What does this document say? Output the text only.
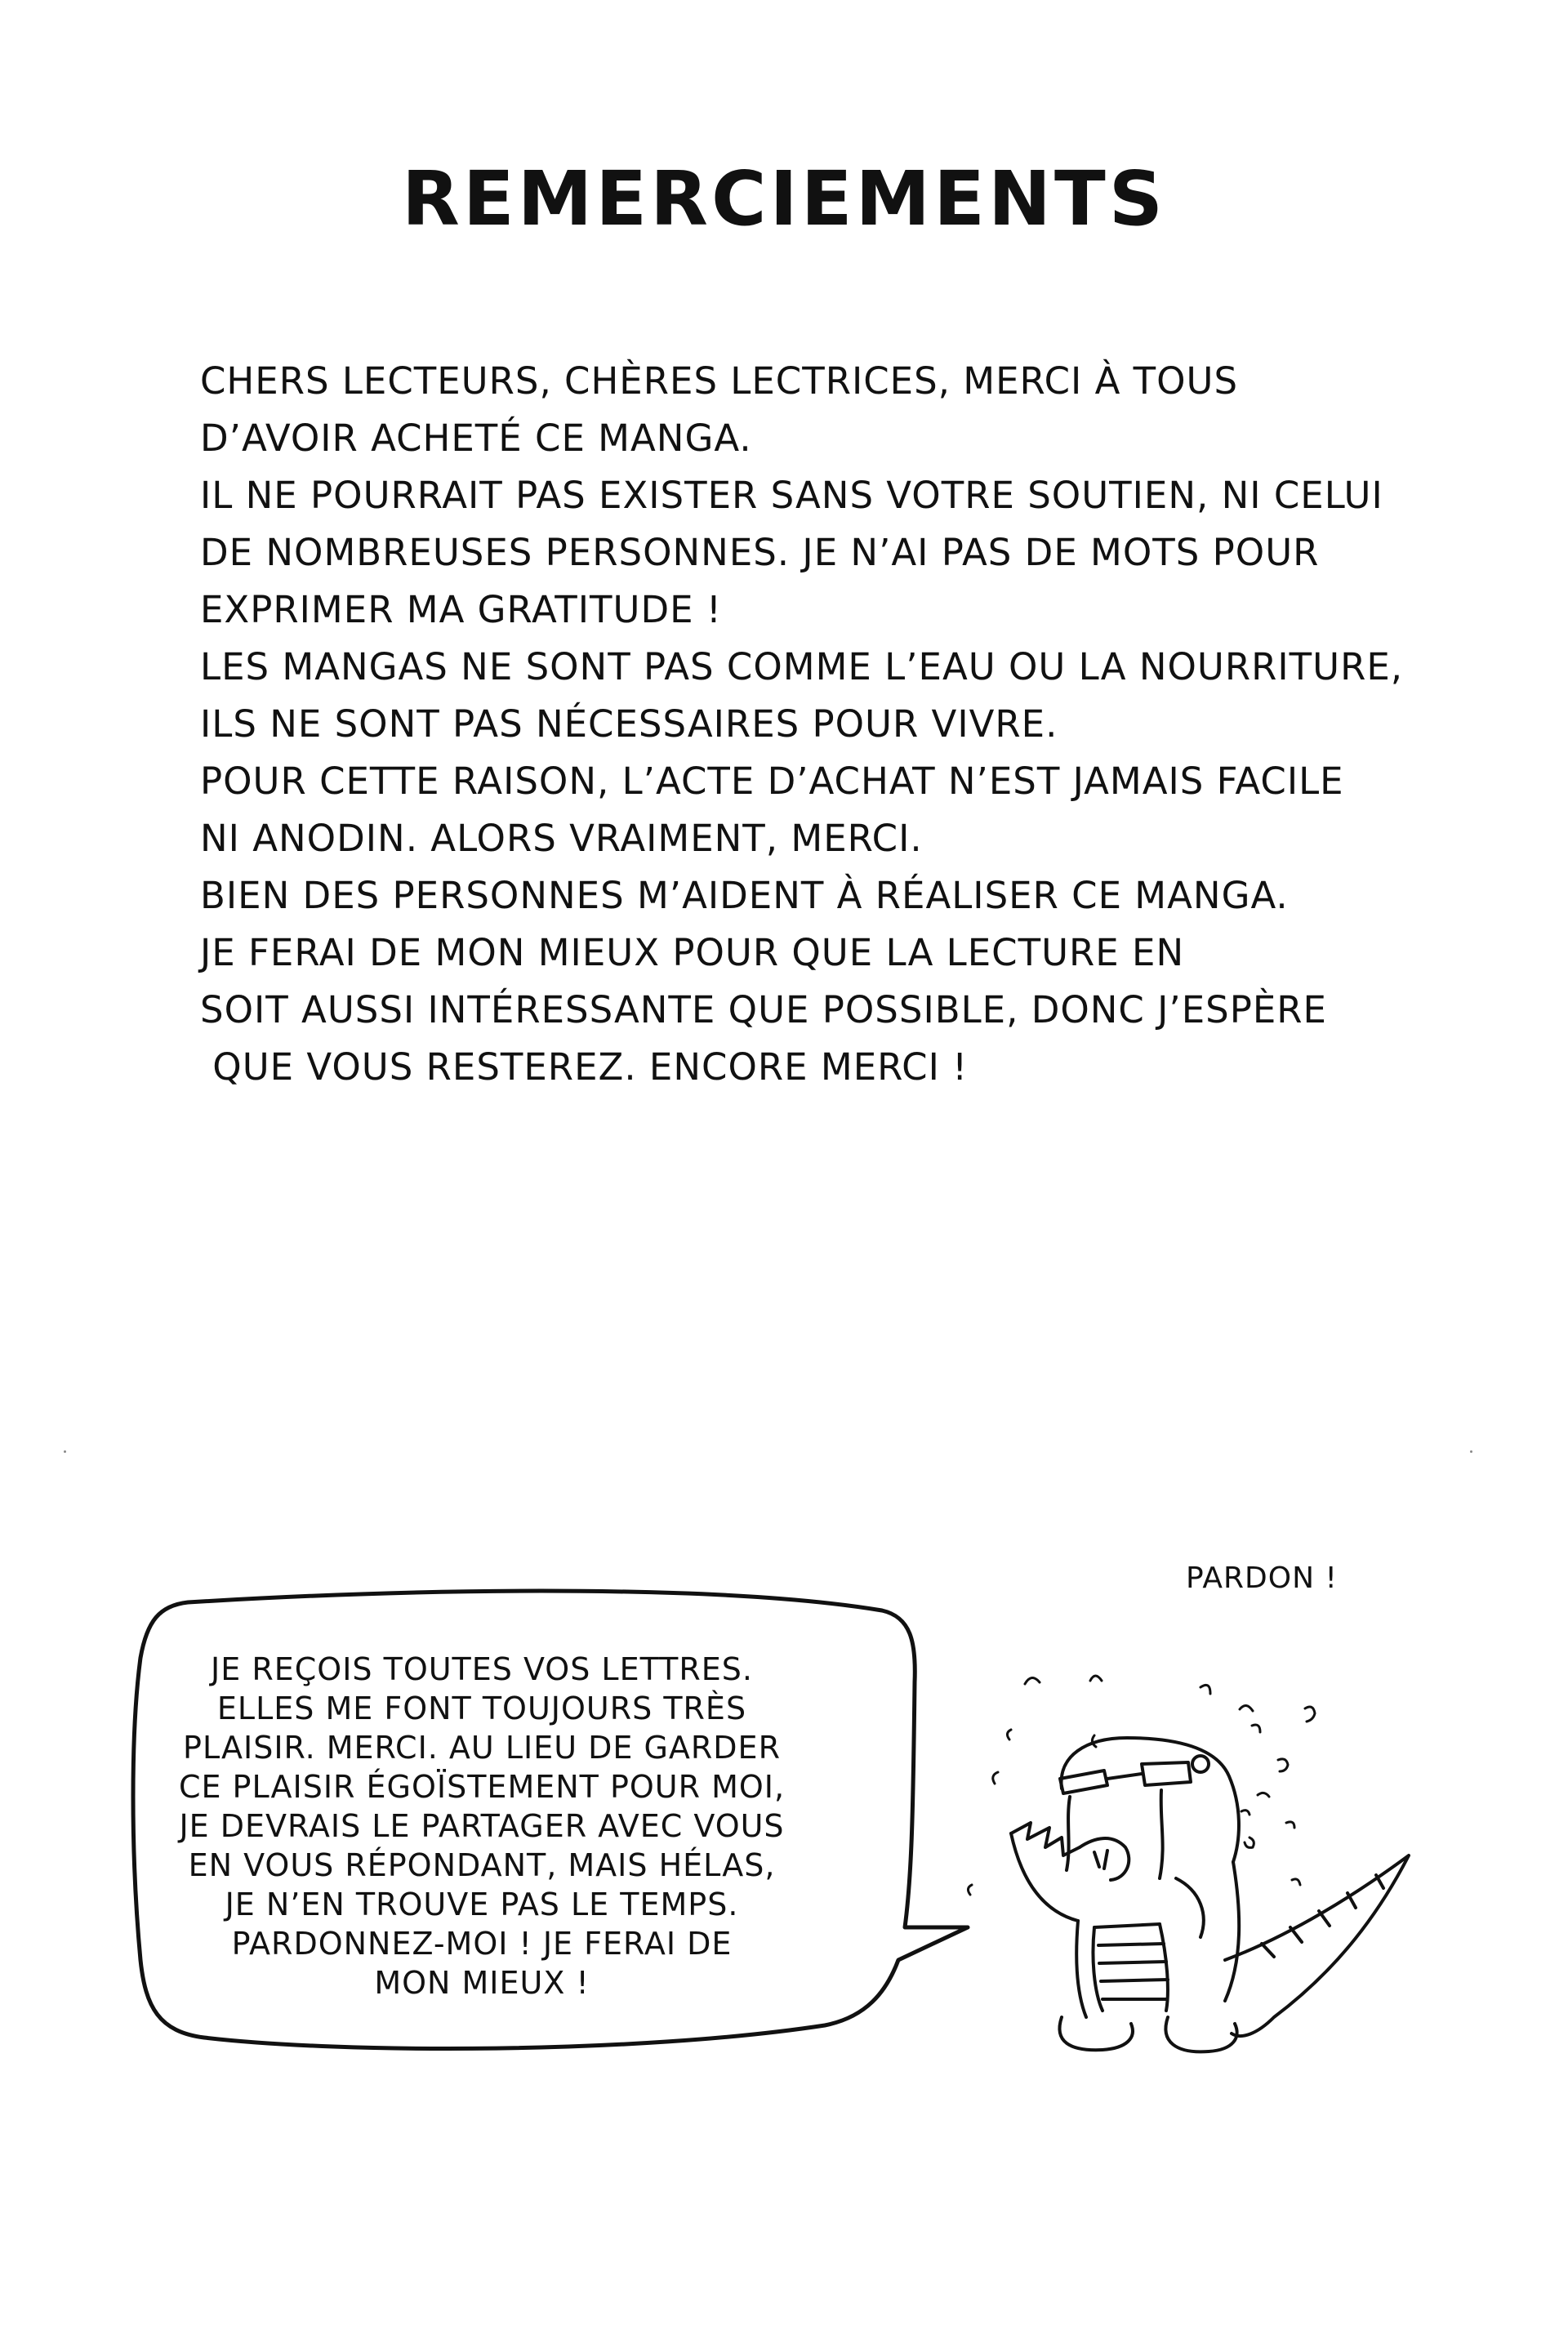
REMERCIEMENTS
CHERS LECTEURS, CHÈRES LECTRICES, MERCI À TOUS
D’AVOIR ACHETÉ CE MANGA.
IL NE POURRAIT PAS EXISTER SANS VOTRE SOUTIEN, NI CELUI
DE NOMBREUSES PERSONNES. JE N’AI PAS DE MOTS POUR
EXPRIMER MA GRATITUDE !
LES MANGAS NE SONT PAS COMME L’EAU OU LA NOURRITURE,
ILS NE SONT PAS NÉCESSAIRES POUR VIVRE.
POUR CETTE RAISON, L’ACTE D’ACHAT N’EST JAMAIS FACILE
NI ANODIN. ALORS VRAIMENT, MERCI.
BIEN DES PERSONNES M’AIDENT À RÉALISER CE MANGA.
JE FERAI DE MON MIEUX POUR QUE LA LECTURE EN
SOIT AUSSI INTÉRESSANTE QUE POSSIBLE, DONC J’ESPÈRE
QUE VOUS RESTEREZ. ENCORE MERCI !
PARDON !
JE REÇOIS TOUTES VOS LETTRES.
ELLES ME FONT TOUJOURS TRÈS
PLAISIR. MERCI. AU LIEU DE GARDER
CE PLAISIR ÉGOÏSTEMENT POUR MOI,
JE DEVRAIS LE PARTAGER AVEC VOUS
EN VOUS RÉPONDANT, MAIS HÉLAS,
JE N’EN TROUVE PAS LE TEMPS.
PARDONNEZ-MOI ! JE FERAI DE
MON MIEUX !
